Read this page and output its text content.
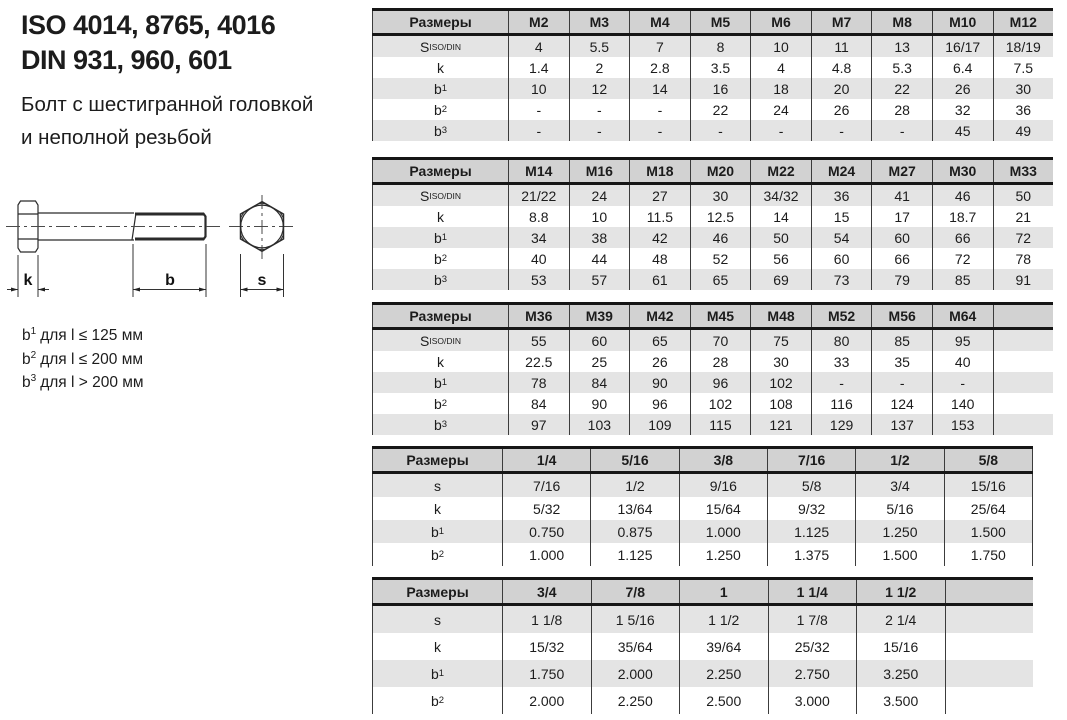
ISO 4014, 8765, 4016
DIN 931, 960, 601
Болт с шестигранной головкой
и неполной резьбой
k	b	s
$b^1$ для l ≤ 125 мм
$b^2$ для l ≤ 200 мм
$b^3$ для l > 200 мм
Размеры	M2	M3	M4	M5	M6	M7	M8	M10	M12
S ISO/DIN	4	5.5	7	8	10	11	13	16/17	18/19
k	1.4	2	2.8	3.5	4	4.8	5.3	6.4	7.5
b 1	10	12	14	16	18	20	22	26	30
b 2	-	-	-	22	24	26	28	32	36
b 3	-	-	-	-	-	-	-	45	49
Размеры	M14	M16	M18	M20	M22	M24	M27	M30	M33
S ISO/DIN	21/22	24	27	30	34/32	36	41	46	50
k	8.8	10	11.5	12.5	14	15	17	18.7	21
b 1	34	38	42	46	50	54	60	66	72
b 2	40	44	48	52	56	60	66	72	78
b 3	53	57	61	65	69	73	79	85	91
Размеры	M36	M39	M42	M45	M48	M52	M56	M64
S ISO/DIN	55	60	65	70	75	80	85	95
k	22.5	25	26	28	30	33	35	40
b 1	78	84	90	96	102	-	-	-
b 2	84	90	96	102	108	116	124	140
b 3	97	103	109	115	121	129	137	153
Размеры	1/4	5/16	3/8	7/16	1/2	5/8
s	7/16	1/2	9/16	5/8	3/4	15/16
k	5/32	13/64	15/64	9/32	5/16	25/64
b 1	0.750	0.875	1.000	1.125	1.250	1.500
b 2	1.000	1.125	1.250	1.375	1.500	1.750
Размеры	3/4	7/8	1	1 1/4	1 1/2
s	1 1/8	1 5/16	1 1/2	1 7/8	2 1/4
k	15/32	35/64	39/64	25/32	15/16
b 1	1.750	2.000	2.250	2.750	3.250
b 2	2.000	2.250	2.500	3.000	3.500
